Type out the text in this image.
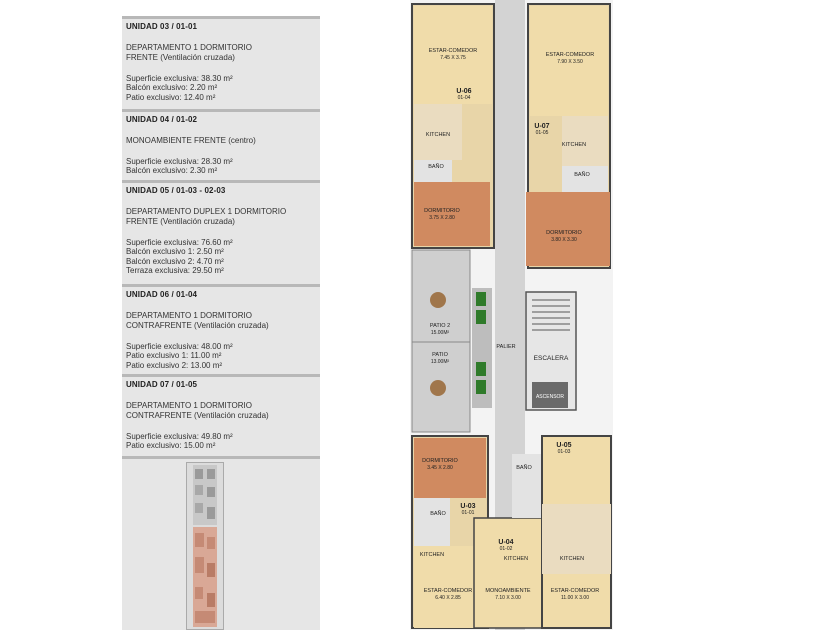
UNIDAD 03 / 01-01
DEPARTAMENTO 1 DORMITORIO
FRENTE (Ventilación cruzada)
Superficie exclusiva: 38.30 m²
Balcón exclusivo: 2.20 m²
Patio exclusivo: 12.40 m²
UNIDAD 04 / 01-02
MONOAMBIENTE FRENTE (centro)
Superficie exclusiva: 28.30 m²
Balcón exclusivo: 2.30 m²
UNIDAD 05 / 01-03 - 02-03
DEPARTAMENTO DUPLEX 1 DORMITORIO
FRENTE (Ventilación cruzada)
Superficie exclusiva: 76.60 m²
Balcón exclusivo 1: 2.50 m²
Balcón exclusivo 2: 4.70 m²
Terraza exclusiva: 29.50 m²
UNIDAD 06 / 01-04
DEPARTAMENTO 1 DORMITORIO
CONTRAFRENTE (Ventilación cruzada)
Superficie exclusiva: 48.00 m²
Patio exclusivo 1: 11.00 m²
Patio exclusivo 2: 13.00 m²
UNIDAD 07 / 01-05
DEPARTAMENTO 1 DORMITORIO
CONTRAFRENTE (Ventilación cruzada)
Superficie exclusiva: 49.80 m²
Patio exclusivo: 15.00 m²
ESTAR-COMEDOR
7.45 X 3.75	ESTAR-COMEDOR
7.90 X 3.50
KITCHEN
KITCHEN
BAÑO
BAÑO
DORMITORIO
3.75 X 2.80
DORMITORIO
3.80 X 3.30
PATIO 2
15.00M²
PATIO
13.00M²
DORMITORIO
3.45 X 2.80
BAÑO
BAÑO
KITCHEN
KITCHEN	KITCHEN
ESTAR-COMEDOR
6.40 X 2.85
MONOAMBIENTE
7.10 X 3.00
ESTAR-COMEDOR
11.00 X 3.00
U-06
01-04
U-07
01-05
U-05
01-03
U-03
01-01
U-04
01-02
PALIER
ESCALERA
ASCENSOR
